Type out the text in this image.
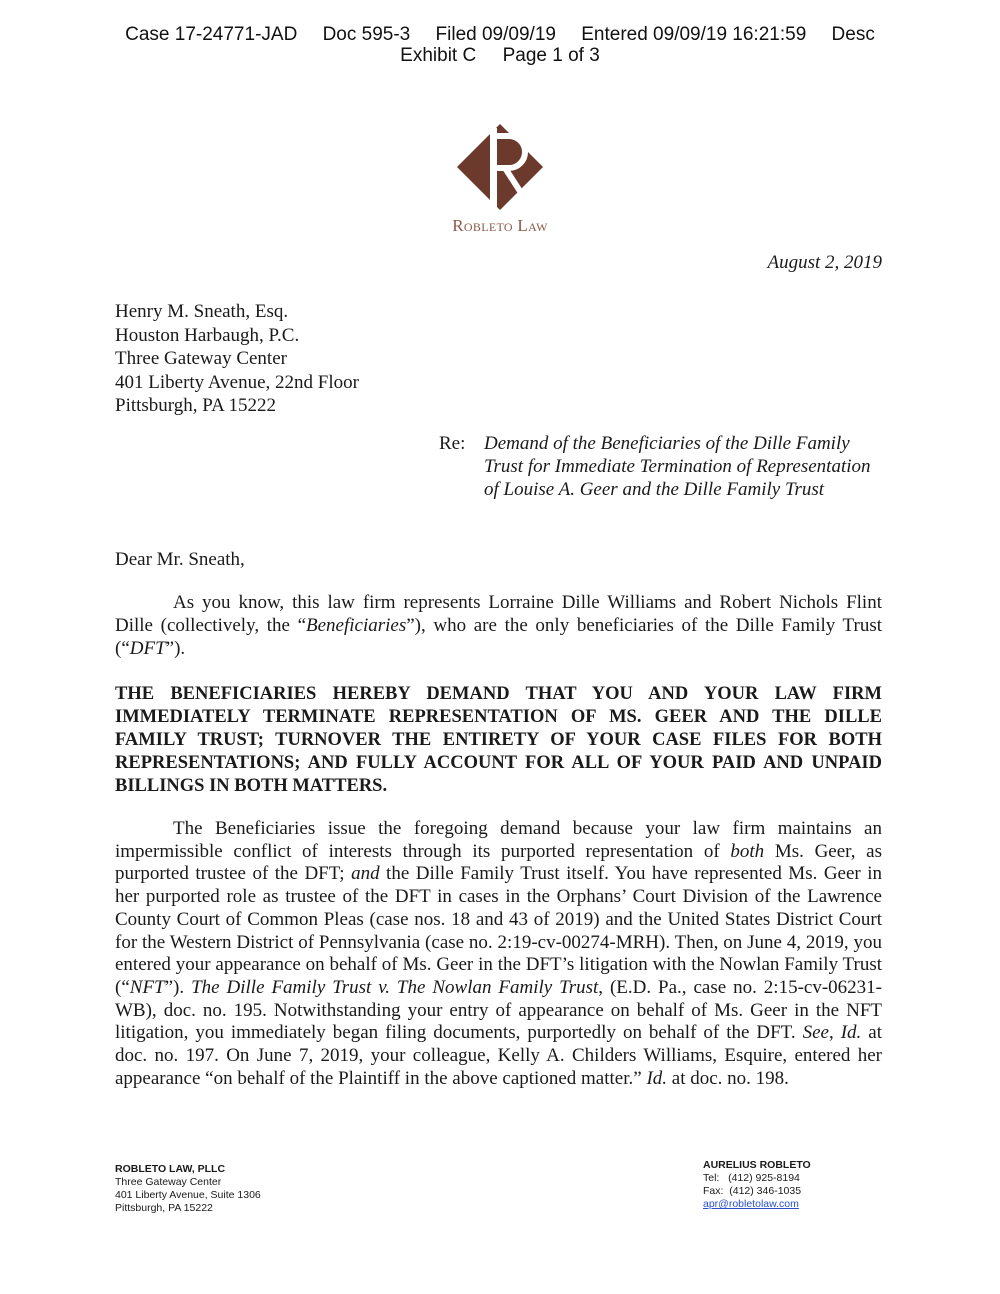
Case 17-24771-JAD Doc 595-3 Filed 09/09/19 Entered 09/09/19 16:21:59 Desc
Exhibit C Page 1 of 3
Robleto Law
August 2, 2019
Henry M. Sneath, Esq.
Houston Harbaugh, P.C.
Three Gateway Center
401 Liberty Avenue, 22nd Floor
Pittsburgh, PA 15222
Re: Demand of the Beneficiaries of the Dille Family Trust for Immediate Termination of Representation of Louise A. Geer and the Dille Family Trust
Dear Mr. Sneath,
As you know, this law firm represents Lorraine Dille Williams and Robert Nichols Flint Dille (collectively, the “Beneficiaries”), who are the only beneficiaries of the Dille Family Trust (“DFT”).
THE BENEFICIARIES HEREBY DEMAND THAT YOU AND YOUR LAW FIRM IMMEDIATELY TERMINATE REPRESENTATION OF MS. GEER AND THE DILLE FAMILY TRUST; TURNOVER THE ENTIRETY OF YOUR CASE FILES FOR BOTH REPRESENTATIONS; AND FULLY ACCOUNT FOR ALL OF YOUR PAID AND UNPAID BILLINGS IN BOTH MATTERS.
The Beneficiaries issue the foregoing demand because your law firm maintains an impermissible conflict of interests through its purported representation of both Ms. Geer, as purported trustee of the DFT; and the Dille Family Trust itself. You have represented Ms. Geer in her purported role as trustee of the DFT in cases in the Orphans’ Court Division of the Lawrence County Court of Common Pleas (case nos. 18 and 43 of 2019) and the United States District Court for the Western District of Pennsylvania (case no. 2:19-cv-00274-MRH). Then, on June 4, 2019, you entered your appearance on behalf of Ms. Geer in the DFT’s litigation with the Nowlan Family Trust (“NFT”). The Dille Family Trust v. The Nowlan Family Trust, (E.D. Pa., case no. 2:15-cv-06231-WB), doc. no. 195. Notwithstanding your entry of appearance on behalf of Ms. Geer in the NFT litigation, you immediately began filing documents, purportedly on behalf of the DFT. See, Id. at doc. no. 197. On June 7, 2019, your colleague, Kelly A. Childers Williams, Esquire, entered her appearance “on behalf of the Plaintiff in the above captioned matter.” Id. at doc. no. 198.
ROBLETO LAW, PLLC
Three Gateway Center
401 Liberty Avenue, Suite 1306
Pittsburgh, PA 15222
AURELIUS ROBLETO
Tel:   (412) 925-8194
Fax:  (412) 346-1035
apr@robletolaw.com
